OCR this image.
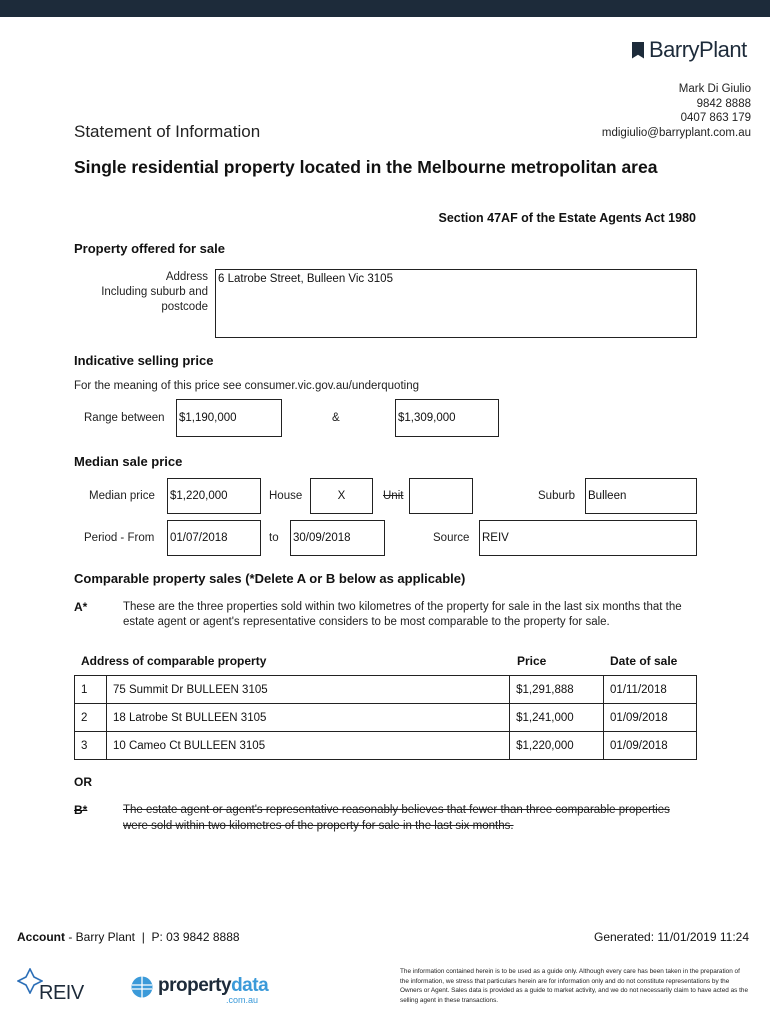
BarryPlant
Mark Di Giulio
9842 8888
0407 863 179
mdigiulio@barryplant.com.au
Statement of Information
Single residential property located in the Melbourne metropolitan area
Section 47AF of the Estate Agents Act 1980
Property offered for sale
Address
Including suburb and
postcode
6 Latrobe Street, Bulleen Vic 3105
Indicative selling price
For the meaning of this price see consumer.vic.gov.au/underquoting
Range between $1,190,000	&	$1,309,000
Median sale price
Median price $1,220,000	House	X	Unit	Suburb Bulleen
Period - From 01/07/2018	to 30/09/2018	Source REIV
Comparable property sales (*Delete A or B below as applicable)
A*	These are the three properties sold within two kilometres of the property for sale in the last six months that the estate agent or agent's representative considers to be most comparable to the property for sale.
Address of comparable property	Price	Date of sale
1	75 Summit Dr BULLEEN 3105	$1,291,888	01/11/2018
2	18 Latrobe St BULLEEN 3105	$1,241,000	01/09/2018
3	10 Cameo Ct BULLEEN 3105	$1,220,000	01/09/2018
OR
B*	The estate agent or agent's representative reasonably believes that fewer than three comparable properties were sold within two kilometres of the property for sale in the last six months.
Account - Barry Plant  |  P: 03 9842 8888	Generated: 11/01/2019 11:24
REIV	propertydata
.com.au
The information contained herein is to be used as a guide only. Although every care has been taken in the preparation of the information, we stress that particulars herein are for information only and do not constitute representations by the Owners or Agent. Sales data is provided as a guide to market activity, and we do not necessarily claim to have acted as the selling agent in these transactions.
